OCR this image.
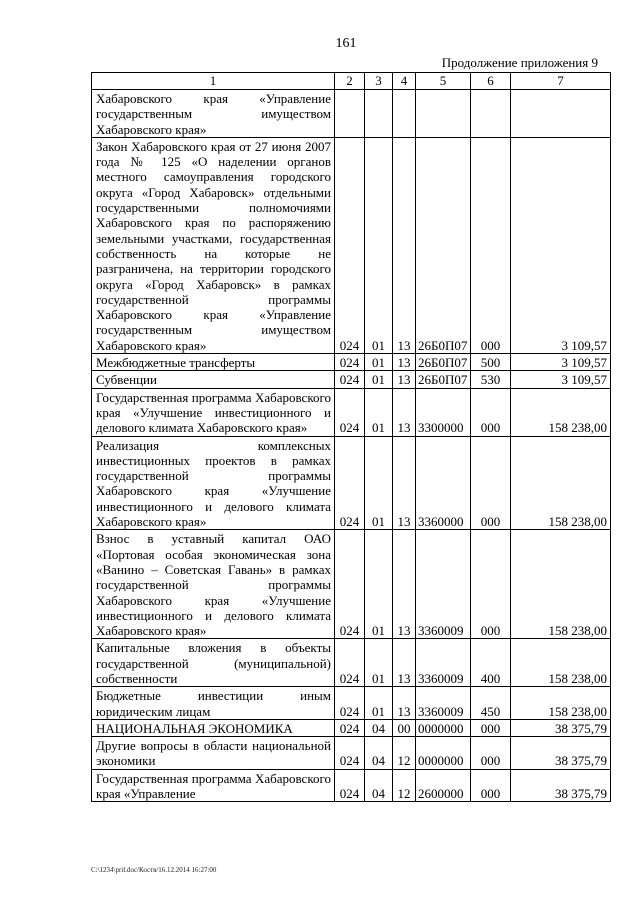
161
Продолжение приложения 9
1	2	3	4	5	6	7
Хабаровского края «Управление государственным имуществом Хабаровского края»						
Закон Хабаровского края от 27 июня 2007 года № 125 «О наделении органов местного самоуправления городского округа «Город Хабаровск» отдельными государственными полномочиями Хабаровского края по распоряжению земельными участками, государственная собственность на которые не разграничена, на территории городского округа «Город Хабаровск» в рамках государственной программы Хабаровского края «Управление государственным имуществом Хабаровского края»	024	01	13	26Б0П07	000	3 109,57
Межбюджетные трансферты	024	01	13	26Б0П07	500	3 109,57
Субвенции	024	01	13	26Б0П07	530	3 109,57
Государственная программа Хабаровского края «Улучшение инвестиционного и делового климата Хабаровского края»	024	01	13	3300000	000	158 238,00
Реализация комплексных инвестиционных проектов в рамках государственной программы Хабаровского края «Улучшение инвестиционного и делового климата Хабаровского края»	024	01	13	3360000	000	158 238,00
Взнос в уставный капитал ОАО «Портовая особая экономическая зона «Ванино – Советская Гавань» в рамках государственной программы Хабаровского края «Улучшение инвестиционного и делового климата Хабаровского края»	024	01	13	3360009	000	158 238,00
Капитальные вложения в объекты государственной (муниципальной) собственности	024	01	13	3360009	400	158 238,00
Бюджетные инвестиции иным юридическим лицам	024	01	13	3360009	450	158 238,00
НАЦИОНАЛЬНАЯ ЭКОНОМИКА	024	04	00	0000000	000	38 375,79
Другие вопросы в области национальной экономики	024	04	12	0000000	000	38 375,79
Государственная программа Хабаровского края «Управление	024	04	12	2600000	000	38 375,79
C:\1234\pril.doc/Костя/16.12.2014 16:27:00
